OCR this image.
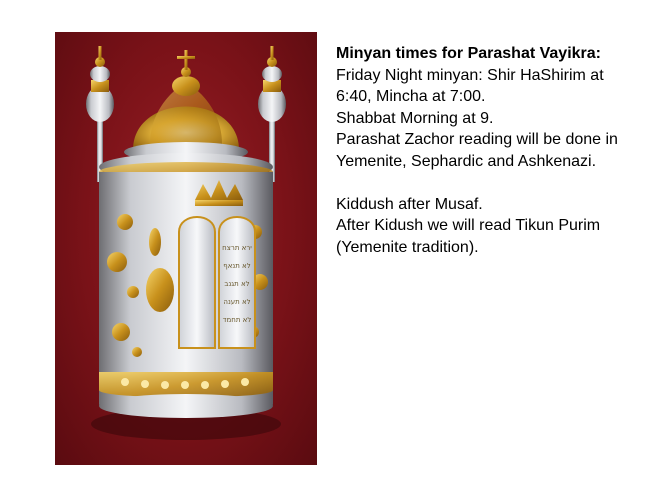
ירא תרצח
לא תנאף
לא תגנב
לא תענה
לא תחמד

Minyan times for Parashat Vayikra:

Friday Night minyan: Shir HaShirim at 6:40, Mincha at 7:00.

Shabbat Morning at 9.

Parashat Zachor reading will be done in Yemenite, Sephardic and Ashkenazi.

Kiddush after Musaf.

After Kidush we will read Tikun Purim (Yemenite tradition).
